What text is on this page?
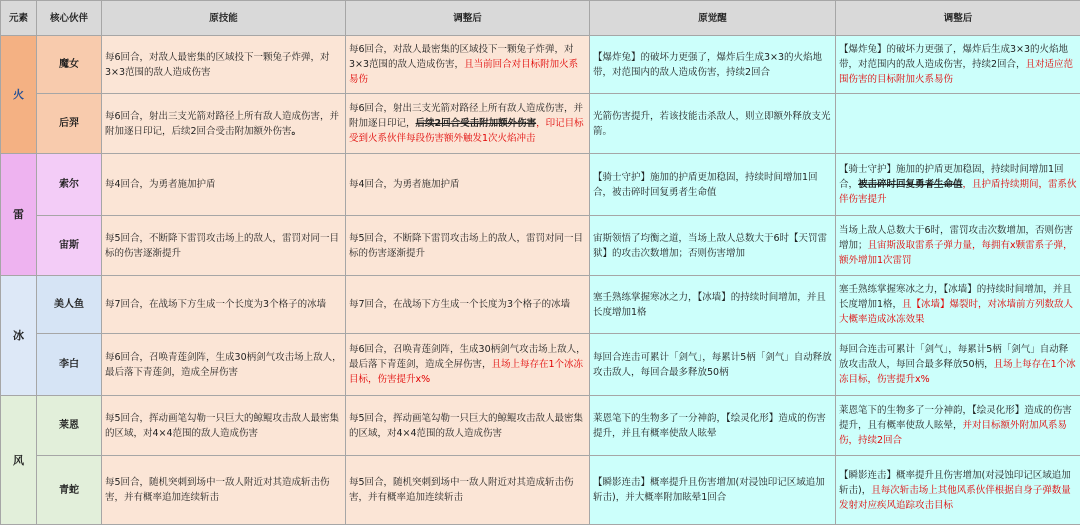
元素	核心伙伴	原技能	调整后	原觉醒	调整后
火	魔女	每6回合，对敌人最密集的区域投下一颗兔子炸弹，对3×3范围的敌人造成伤害	每6回合，对敌人最密集的区域投下一颗兔子炸弹，对3×3范围的敌人造成伤害，且当前回合对目标附加火系易伤	【爆炸兔】的破坏力更强了，爆炸后生成3×3的火焰地带，对范围内的敌人造成伤害，持续2回合	【爆炸兔】的破坏力更强了，爆炸后生成3×3的火焰地带，对范围内的敌人造成伤害，持续2回合，且对适应范围伤害的目标附加火系易伤
	后羿	每6回合，射出三支光箭对路径上所有敌人造成伤害，并附加逐日印记，后续2回合受击附加额外伤害。	每6回合，射出三支光箭对路径上所有敌人造成伤害，并附加逐日印记，后续2回合受击附加额外伤害，印记目标受到火系伙伴每段伤害额外触发1次火焰冲击	光箭伤害提升，若该技能击杀敌人，则立即额外释放支光箭。	
雷	索尔	每4回合，为勇者施加护盾	每4回合，为勇者施加护盾	【骑士守护】施加的护盾更加稳固，持续时间增加1回合，被击碎时回复勇者生命值	【骑士守护】施加的护盾更加稳固，持续时间增加1回合，被击碎时回复勇者生命值，且护盾持续期间，雷系伙伴伤害提升
	宙斯	每5回合，不断降下雷罚攻击场上的敌人，雷罚对同一目标的伤害逐渐提升	每5回合，不断降下雷罚攻击场上的敌人，雷罚对同一目标的伤害逐渐提升	宙斯领悟了均衡之道，当场上敌人总数大于6时【天罚雷狱】的攻击次数增加；否则伤害增加	当场上敌人总数大于6时，雷罚攻击次数增加，否则伤害增加；且宙斯汲取雷系子弹力量，每拥有x颗雷系子弹，额外增加1次雷罚
冰	美人鱼	每7回合，在战场下方生成一个长度为3个格子的冰墙	每7回合，在战场下方生成一个长度为3个格子的冰墙	塞壬熟练掌握寒冰之力，【冰墙】的持续时间增加，并且长度增加1格	塞壬熟练掌握寒冰之力，【冰墙】的持续时间增加，并且长度增加1格，且【冰墙】爆裂时，对冰墙前方列数敌人大概率造成冰冻效果
	李白	每6回合，召唤青莲剑阵，生成30柄剑气攻击场上敌人，最后落下青莲剑，造成全屏伤害	每6回合，召唤青莲剑阵，生成30柄剑气攻击场上敌人，最后落下青莲剑，造成全屏伤害，且场上每存在1个冰冻目标，伤害提升x%	每回合连击可累计「剑气」，每累计5柄「剑气」自动释放攻击敌人，每回合最多释放50柄	每回合连击可累计「剑气」，每累计5柄「剑气」自动释放攻击敌人，每回合最多释放50柄，且场上每存在1个冰冻目标，伤害提升x%
风	莱恩	每5回合，挥动画笔勾勒一只巨大的鲸鲲攻击敌人最密集的区域，对4×4范围的敌人造成伤害	每5回合，挥动画笔勾勒一只巨大的鲸鲲攻击敌人最密集的区域，对4×4范围的敌人造成伤害	莱恩笔下的生物多了一分神韵，【绘灵化形】造成的伤害提升，并且有概率使敌人眩晕	莱恩笔下的生物多了一分神韵，【绘灵化形】造成的伤害提升，且有概率使敌人眩晕，并对目标额外附加风系易伤，持续2回合
	青蛇	每5回合，随机突刺到场中一敌人附近对其造成斩击伤害，并有概率追加连续斩击	每5回合，随机突刺到场中一敌人附近对其造成斩击伤害，并有概率追加连续斩击	【瞬影连击】概率提升且伤害增加(对浸蚀印记区域追加斩击)，并大概率附加眩晕1回合	【瞬影连击】概率提升且伤害增加(对浸蚀印记区域追加斩击)，且每次斩击场上其他风系伙伴根据自身子弹数量发射对应疾风追踪攻击目标
